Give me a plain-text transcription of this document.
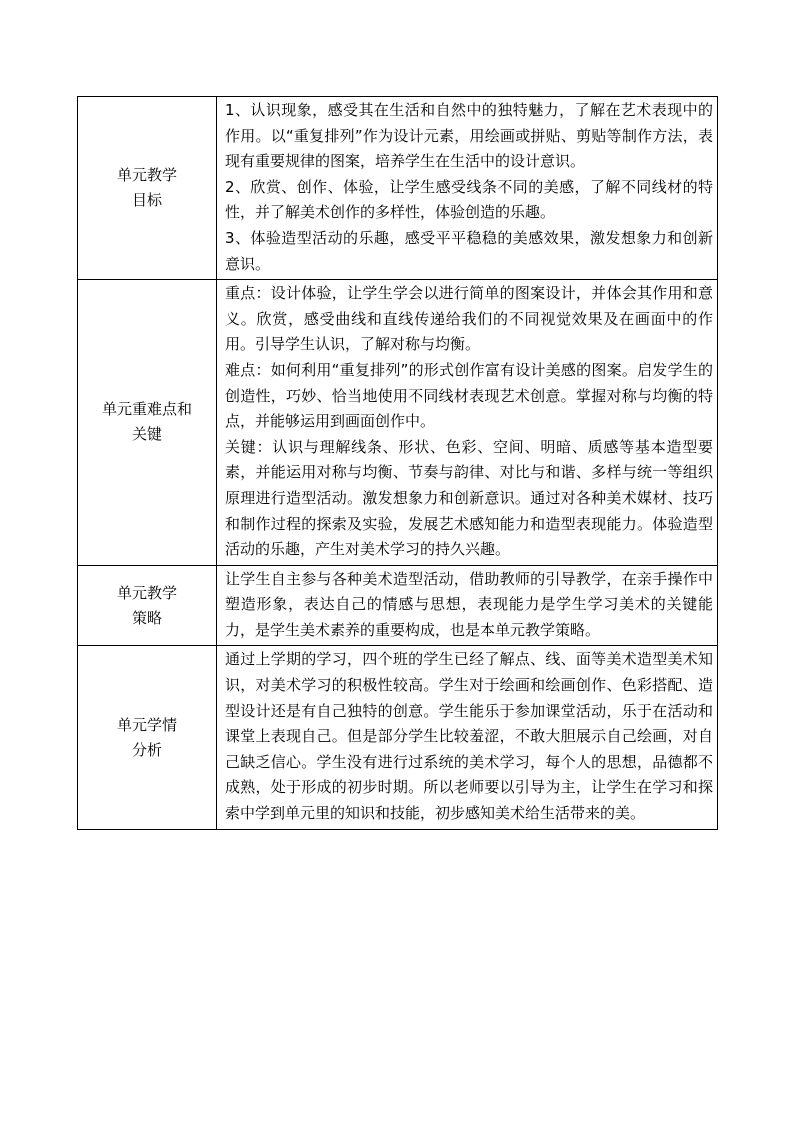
单元教学
目标	1、认识现象，感受其在生活和自然中的独特魅力，了解在艺术表现中的作用。以“重复排列”作为设计元素，用绘画或拼贴、剪贴等制作方法，表现有重要规律的图案，培养学生在生活中的设计意识。
2、欣赏、创作、体验，让学生感受线条不同的美感，了解不同线材的特性，并了解美术创作的多样性，体验创造的乐趣。
3、体验造型活动的乐趣，感受平平稳稳的美感效果，激发想象力和创新意识。

单元重难点和
关键	重点：设计体验，让学生学会以进行简单的图案设计，并体会其作用和意义。欣赏，感受曲线和直线传递给我们的不同视觉效果及在画面中的作用。引导学生认识，了解对称与均衡。
难点：如何利用“重复排列”的形式创作富有设计美感的图案。启发学生的创造性，巧妙、恰当地使用不同线材表现艺术创意。掌握对称与均衡的特点，并能够运用到画面创作中。
关键：认识与理解线条、形状、色彩、空间、明暗、质感等基本造型要素，并能运用对称与均衡、节奏与韵律、对比与和谐、多样与统一等组织原理进行造型活动。激发想象力和创新意识。通过对各种美术媒材、技巧和制作过程的探索及实验，发展艺术感知能力和造型表现能力。体验造型活动的乐趣，产生对美术学习的持久兴趣。

单元教学
策略	让学生自主参与各种美术造型活动，借助教师的引导教学，在亲手操作中塑造形象，表达自己的情感与思想，表现能力是学生学习美术的关键能力，是学生美术素养的重要构成，也是本单元教学策略。

单元学情
分析	通过上学期的学习，四个班的学生已经了解点、线、面等美术造型美术知识，对美术学习的积极性较高。学生对于绘画和绘画创作、色彩搭配、造型设计还是有自己独特的创意。学生能乐于参加课堂活动，乐于在活动和课堂上表现自己。但是部分学生比较羞涩，不敢大胆展示自己绘画，对自己缺乏信心。学生没有进行过系统的美术学习，每个人的思想，品德都不成熟，处于形成的初步时期。所以老师要以引导为主，让学生在学习和探索中学到单元里的知识和技能，初步感知美术给生活带来的美。
